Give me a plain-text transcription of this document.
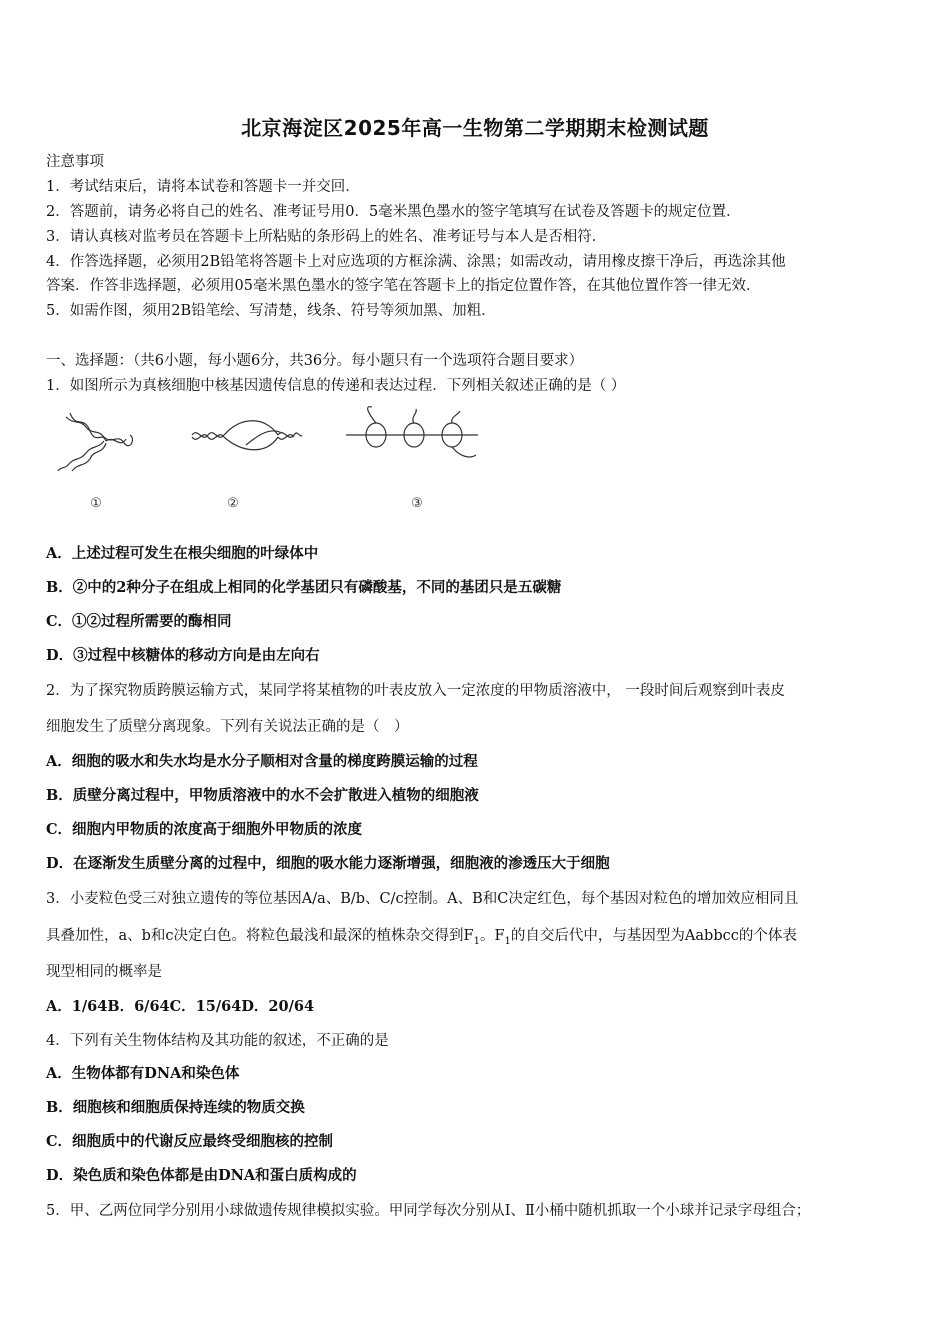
北京海淀区2025年高一生物第二学期期末检测试题
注意事项
1．考试结束后，请将本试卷和答题卡一并交回．
2．答题前，请务必将自己的姓名、准考证号用0．5毫米黑色墨水的签字笔填写在试卷及答题卡的规定位置．
3．请认真核对监考员在答题卡上所粘贴的条形码上的姓名、准考证号与本人是否相符．
4．作答选择题，必须用2B铅笔将答题卡上对应选项的方框涂满、涂黑；如需改动，请用橡皮擦干净后，再选涂其他
答案．作答非选择题，必须用05毫米黑色墨水的签字笔在答题卡上的指定位置作答，在其他位置作答一律无效．
5．如需作图，须用2B铅笔绘、写清楚，线条、符号等须加黑、加粗．
一、选择题：（共6小题，每小题6分，共36分。每小题只有一个选项符合题目要求）
1．如图所示为真核细胞中核基因遗传信息的传递和表达过程．下列相关叙述正确的是（ ）
①	②	③
A．上述过程可发生在根尖细胞的叶绿体中
B．②中的2种分子在组成上相同的化学基团只有磷酸基，不同的基团只是五碳糖
C．①②过程所需要的酶相同
D．③过程中核糖体的移动方向是由左向右
2．为了探究物质跨膜运输方式，某同学将某植物的叶表皮放入一定浓度的甲物质溶液中， 一段时间后观察到叶表皮
细胞发生了质壁分离现象。下列有关说法正确的是（　）
A．细胞的吸水和失水均是水分子顺相对含量的梯度跨膜运输的过程
B．质壁分离过程中，甲物质溶液中的水不会扩散进入植物的细胞液
C．细胞内甲物质的浓度高于细胞外甲物质的浓度
D．在逐渐发生质壁分离的过程中，细胞的吸水能力逐渐增强，细胞液的渗透压大于细胞
3．小麦粒色受三对独立遗传的等位基因A/a、B/b、C/c控制。A、B和C决定红色，每个基因对粒色的增加效应相同且
具叠加性，a、b和c决定白色。将粒色最浅和最深的植株杂交得到$F_1$。$F_1$的自交后代中，与基因型为Aabbcc的个体表
现型相同的概率是
A．1/64B．6/64C．15/64D．20/64
4．下列有关生物体结构及其功能的叙述，不正确的是
A．生物体都有DNA和染色体
B．细胞核和细胞质保持连续的物质交换
C．细胞质中的代谢反应最终受细胞核的控制
D．染色质和染色体都是由DNA和蛋白质构成的
5．甲、乙两位同学分别用小球做遗传规律模拟实验。甲同学每次分别从Ⅰ、Ⅱ小桶中随机抓取一个小球并记录字母组合；
